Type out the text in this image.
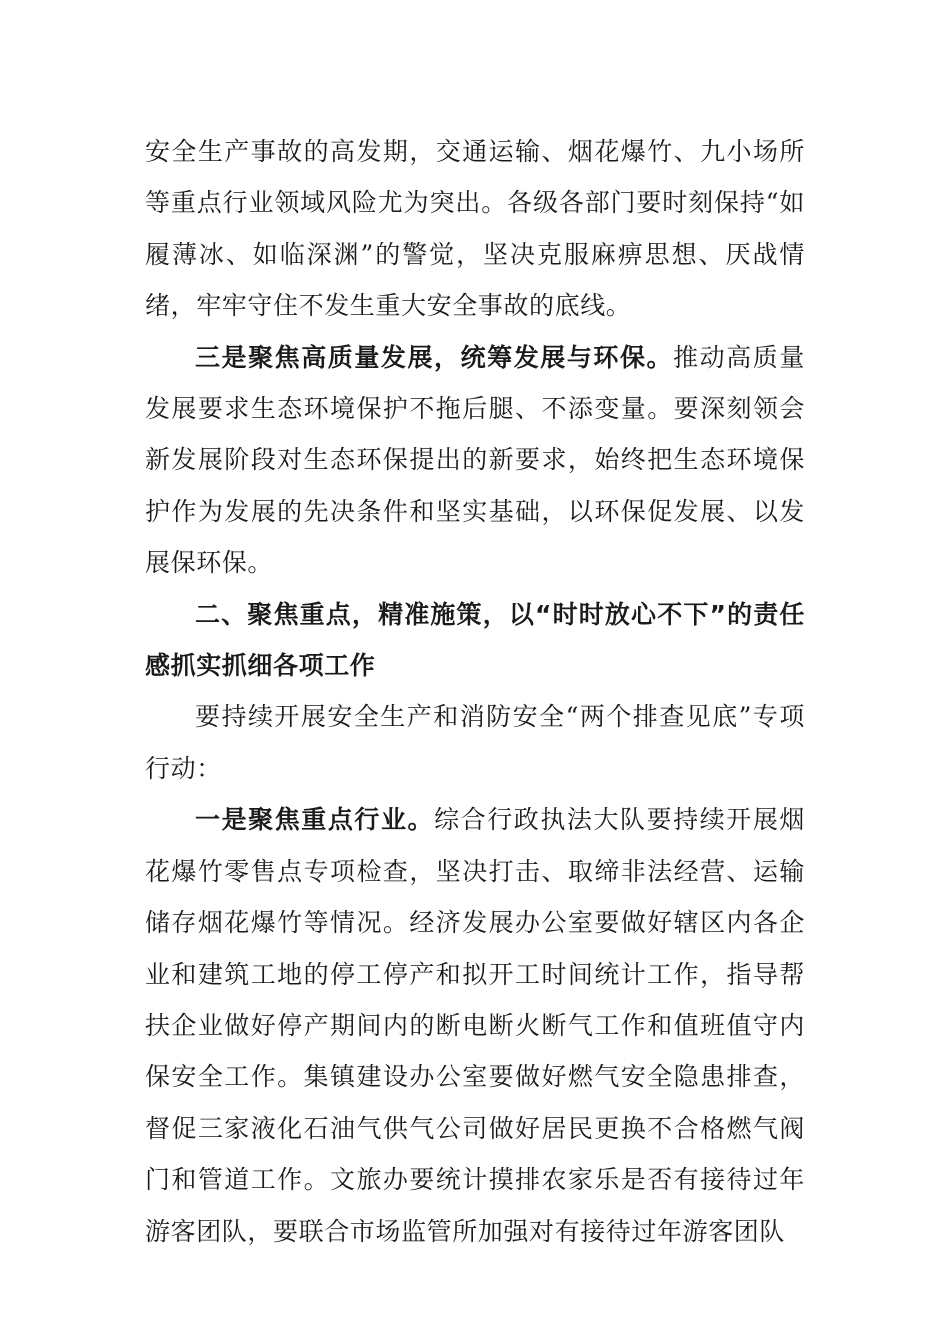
安全生产事故的高发期，交通运输、烟花爆竹、九小场所等重点行业领域风险尤为突出。各级各部门要时刻保持“如履薄冰、如临深渊”的警觉，坚决克服麻痹思想、厌战情绪，牢牢守住不发生重大安全事故的底线。

三是聚焦高质量发展，统筹发展与环保。推动高质量发展要求生态环境保护不拖后腿、不添变量。要深刻领会新发展阶段对生态环保提出的新要求，始终把生态环境保护作为发展的先决条件和坚实基础，以环保促发展、以发展保环保。

二、聚焦重点，精准施策，以“时时放心不下”的责任感抓实抓细各项工作

要持续开展安全生产和消防安全“两个排查见底”专项行动：

一是聚焦重点行业。综合行政执法大队要持续开展烟花爆竹零售点专项检查，坚决打击、取缔非法经营、运输储存烟花爆竹等情况。经济发展办公室要做好辖区内各企业和建筑工地的停工停产和拟开工时间统计工作，指导帮扶企业做好停产期间内的断电断火断气工作和值班值守内保安全工作。集镇建设办公室要做好燃气安全隐患排查，督促三家液化石油气供气公司做好居民更换不合格燃气阀门和管道工作。文旅办要统计摸排农家乐是否有接待过年游客团队，要联合市场监管所加强对有接待过年游客团队
